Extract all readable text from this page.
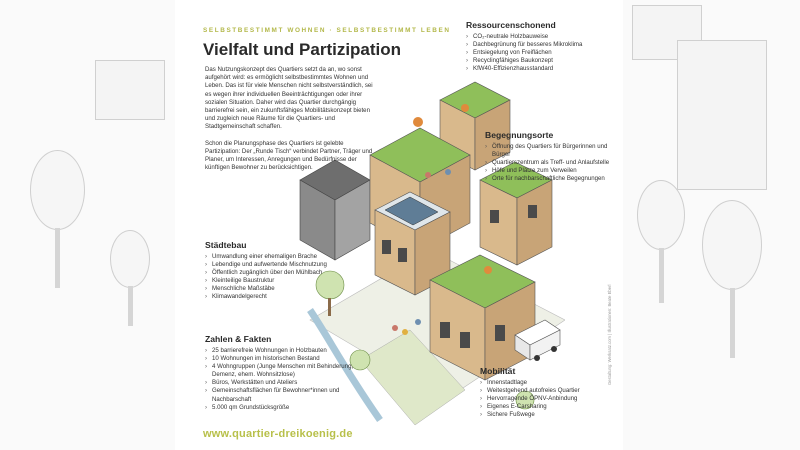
SELBSTBESTIMMT WOHNEN · SELBSTBESTIMMT LEBEN
Vielfalt und Partizipation

Das Nutzungskonzept des Quartiers setzt da an, wo sonst aufgehört wird: es ermöglicht selbstbestimmtes Wohnen und Leben. Das ist für viele Menschen nicht selbstverständlich, sei es wegen ihrer individuellen Beeinträchtigungen oder ihrer sozialen Situation. Daher wird das Quartier durchgängig barrierefrei sein, ein zukunftsfähiges Mobilitätskonzept bieten und zugleich neue Räume für die Quartiers- und Stadtgemeinschaft schaffen.

Schon die Planungsphase des Quartiers ist gelebte Partizipation: Der „Runde Tisch“ verbindet Partner, Träger und Planer, um Interessen, Anregungen und Bedürfnisse der künftigen Bewohner zu berücksichtigen.

Ressourcenschonend
› CO₂-neutrale Holzbauweise
› Dachbegrünung für besseres Mikroklima
› Entsiegelung von Freiflächen
› Recyclingfähiges Baukonzept
› KfW40-Effizienzhausstandard
Begegnungsorte
› Öffnung des Quartiers für Bürgerinnen und Bürger
› Quartierszentrum als Treff- und Anlaufstelle
› Höfe und Plätze zum Verweilen
› Orte für nachbarschaftliche Begegnungen
Städtebau
› Umwandlung einer ehemaligen Brache
› Lebendige und aufwertende Mischnutzung
› Öffentlich zugänglich über den Mühlbach
› Kleinteilige Baustruktur
› Menschliche Maßstäbe
› Klimawandelgerecht
Zahlen & Fakten
› 25 barrierefreie Wohnungen in Holzbauten
› 10 Wohnungen im historischen Bestand
› 4 Wohngruppen (Junge Menschen mit Behinderung, Demenz, ehem. Wohnsitzlose)
› Büros, Werkstätten und Ateliers
› Gemeinschaftsflächen für Bewohner*innen und Nachbarschaft
› 5.000 qm Grundstücksgröße
Mobilität
› Innenstadtlage
› Weitestgehend autofreies Quartier
› Hervorragende ÖPNV-Anbindung
› Eigenes E-Carsharing
› Sichere Fußwege
www.quartier-dreikoenig.de
Gestaltung: Werksatz.com | Illustrationen: Beate Eberl
